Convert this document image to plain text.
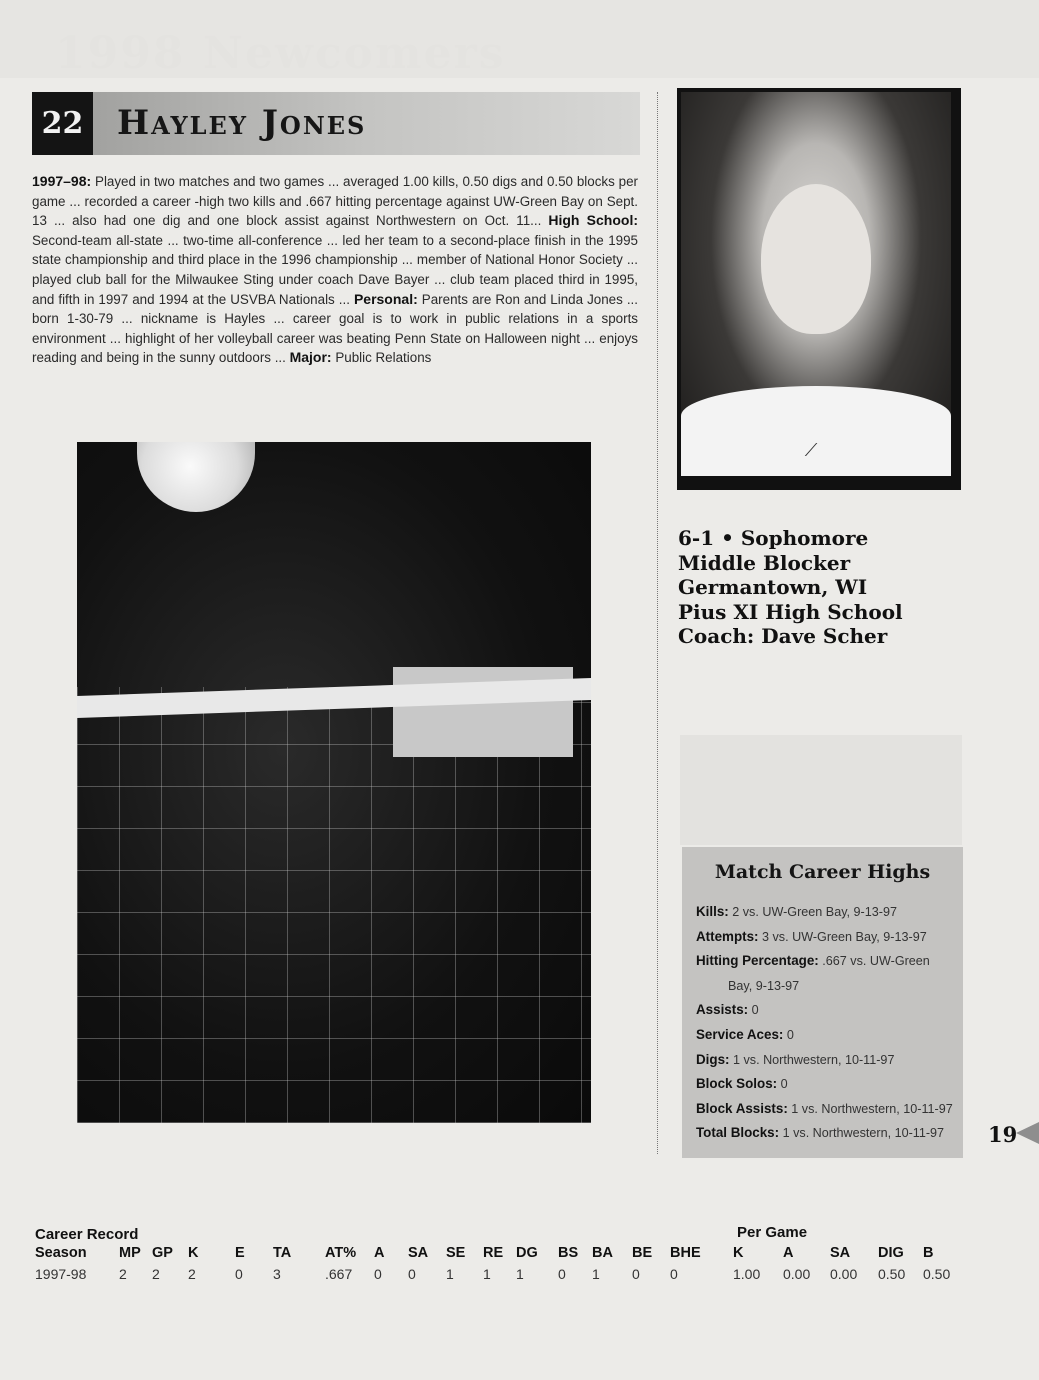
1998 Newcomers
22 Hayley Jones
1997–98: Played in two matches and two games ... averaged 1.00 kills, 0.50 digs and 0.50 blocks per game ... recorded a career -high two kills and .667 hitting percentage against UW-Green Bay on Sept. 13 ... also had one dig and one block assist against Northwestern on Oct. 11... High School: Second-team all-state ... two-time all-conference ... led her team to a second-place finish in the 1995 state championship and third place in the 1996 championship ... member of National Honor Society ... played club ball for the Milwaukee Sting under coach Dave Bayer ... club team placed third in 1995, and fifth in 1997 and 1994 at the USVBA Nationals ... Personal: Parents are Ron and Linda Jones ... born 1-30-79 ... nickname is Hayles ... career goal is to work in public relations in a sports environment ... highlight of her volleyball career was beating Penn State on Halloween night ... enjoys reading and being in the sunny outdoors ... Major: Public Relations
⟋
6-1 • Sophomore
Middle Blocker
Germantown, WI
Pius XI High School
Coach: Dave Scher
Match Career Highs
Kills: 2 vs. UW-Green Bay, 9-13-97
Attempts: 3 vs. UW-Green Bay, 9-13-97
Hitting Percentage: .667 vs. UW-Green
Bay, 9-13-97
Assists: 0
Service Aces: 0
Digs: 1 vs. Northwestern, 10-11-97
Block Solos: 0
Block Assists: 1 vs. Northwestern, 10-11-97
Total Blocks: 1 vs. Northwestern, 10-11-97	19
Career Record	Per Game
Season
1997-98
MP
2
GP
2
K
2
E
0
TA
3
AT%
.667
A
0
SA
0
SE
1
RE
1
DG
1
BS
0
BA
1
BE
0
BHE
0
K
1.00
A
0.00
SA
0.00
DIG
0.50
B
0.50
